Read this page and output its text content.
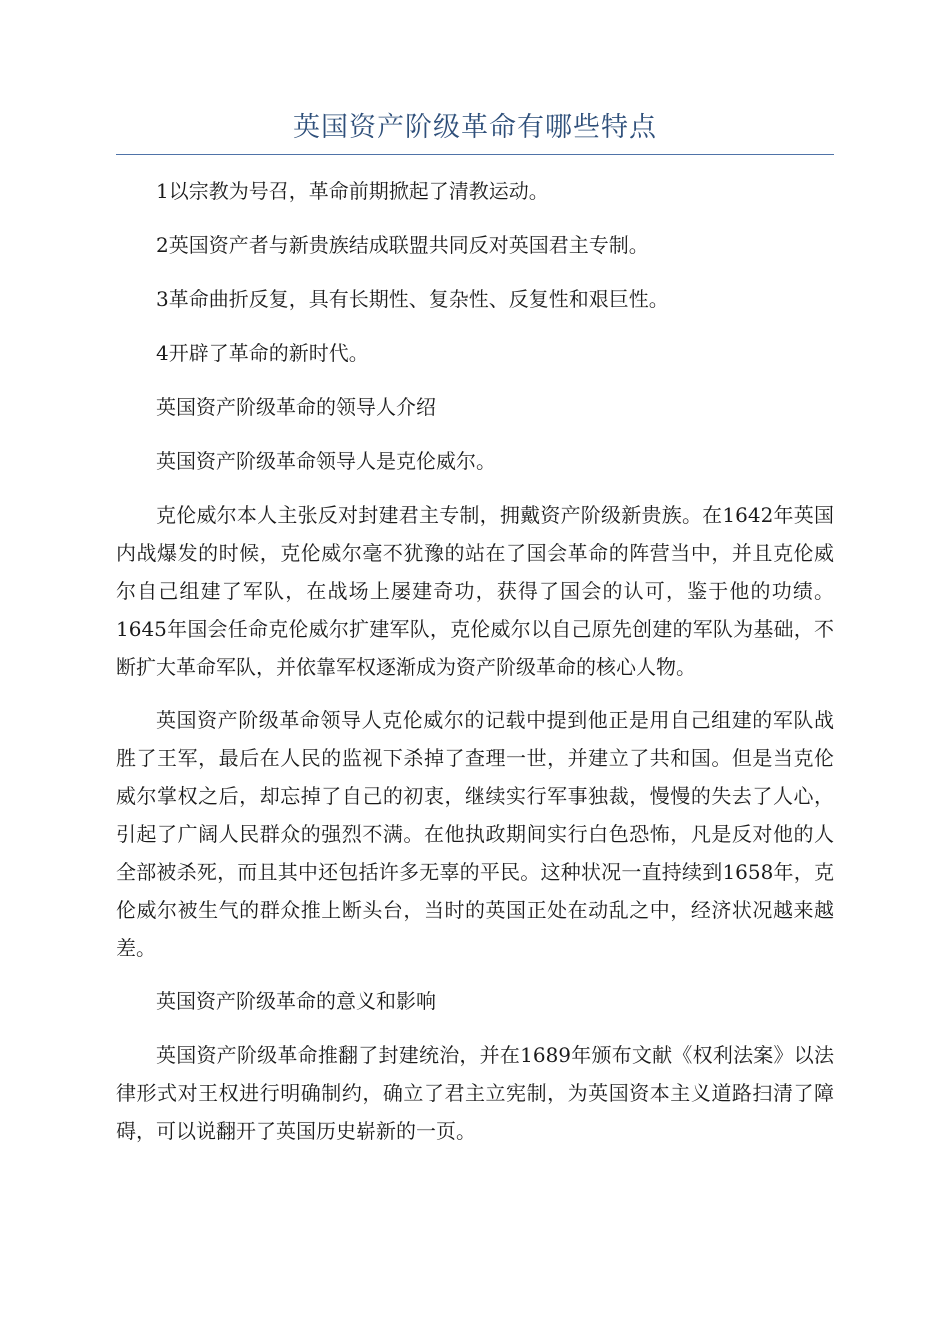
英国资产阶级革命有哪些特点

1以宗教为号召，革命前期掀起了清教运动。

2英国资产者与新贵族结成联盟共同反对英国君主专制。

3革命曲折反复，具有长期性、复杂性、反复性和艰巨性。

4开辟了革命的新时代。

英国资产阶级革命的领导人介绍

英国资产阶级革命领导人是克伦威尔。

克伦威尔本人主张反对封建君主专制，拥戴资产阶级新贵族。在1642年英国内战爆发的时候，克伦威尔毫不犹豫的站在了国会革命的阵营当中，并且克伦威尔自己组建了军队，在战场上屡建奇功，获得了国会的认可，鉴于他的功绩。1645年国会任命克伦威尔扩建军队，克伦威尔以自己原先创建的军队为基础，不断扩大革命军队，并依靠军权逐渐成为资产阶级革命的核心人物。

英国资产阶级革命领导人克伦威尔的记载中提到他正是用自己组建的军队战胜了王军，最后在人民的监视下杀掉了查理一世，并建立了共和国。但是当克伦威尔掌权之后，却忘掉了自己的初衷，继续实行军事独裁，慢慢的失去了人心，引起了广阔人民群众的强烈不满。在他执政期间实行白色恐怖，凡是反对他的人全部被杀死，而且其中还包括许多无辜的平民。这种状况一直持续到1658年，克伦威尔被生气的群众推上断头台，当时的英国正处在动乱之中，经济状况越来越差。

英国资产阶级革命的意义和影响

英国资产阶级革命推翻了封建统治，并在1689年颁布文献《权利法案》以法律形式对王权进行明确制约，确立了君主立宪制，为英国资本主义道路扫清了障碍，可以说翻开了英国历史崭新的一页。
